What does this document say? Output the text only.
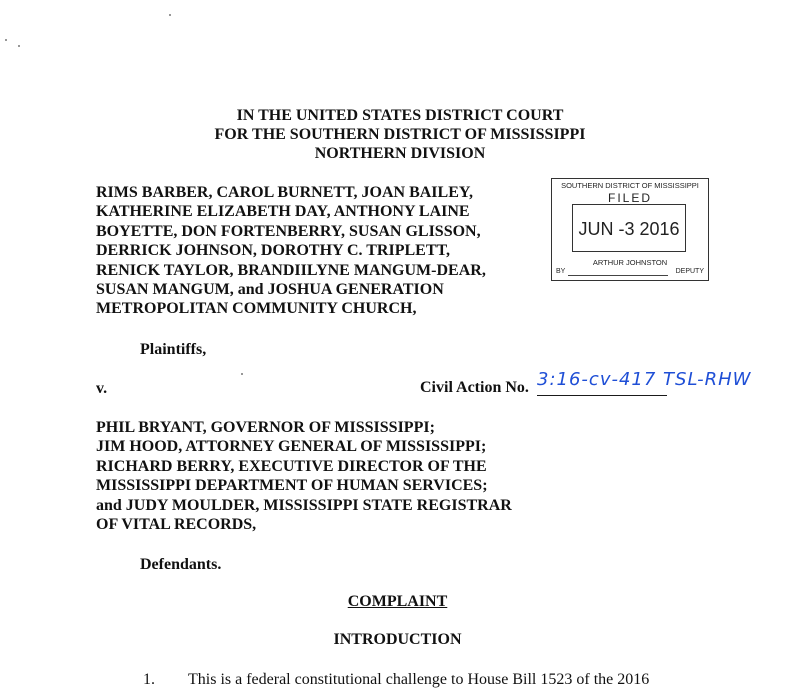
IN THE UNITED STATES DISTRICT COURT
FOR THE SOUTHERN DISTRICT OF MISSISSIPPI
NORTHERN DIVISION
RIMS BARBER, CAROL BURNETT, JOAN BAILEY,
KATHERINE ELIZABETH DAY, ANTHONY LAINE
BOYETTE, DON FORTENBERRY, SUSAN GLISSON,
DERRICK JOHNSON, DOROTHY C. TRIPLETT,
RENICK TAYLOR, BRANDIILYNE MANGUM-DEAR,
SUSAN MANGUM, and JOSHUA GENERATION
METROPOLITAN COMMUNITY CHURCH,
SOUTHERN DISTRICT OF MISSISSIPPI
FILED
JUN -3 2016
ARTHUR JOHNSTON
BY	DEPUTY
Plaintiffs,
v.	Civil Action No. 3:16-cv-417 TSL-RHW
PHIL BRYANT, GOVERNOR OF MISSISSIPPI;
JIM HOOD, ATTORNEY GENERAL OF MISSISSIPPI;
RICHARD BERRY, EXECUTIVE DIRECTOR OF THE
MISSISSIPPI DEPARTMENT OF HUMAN SERVICES;
and JUDY MOULDER, MISSISSIPPI STATE REGISTRAR
OF VITAL RECORDS,
Defendants.
COMPLAINT
INTRODUCTION
1. This is a federal constitutional challenge to House Bill 1523 of the 2016
